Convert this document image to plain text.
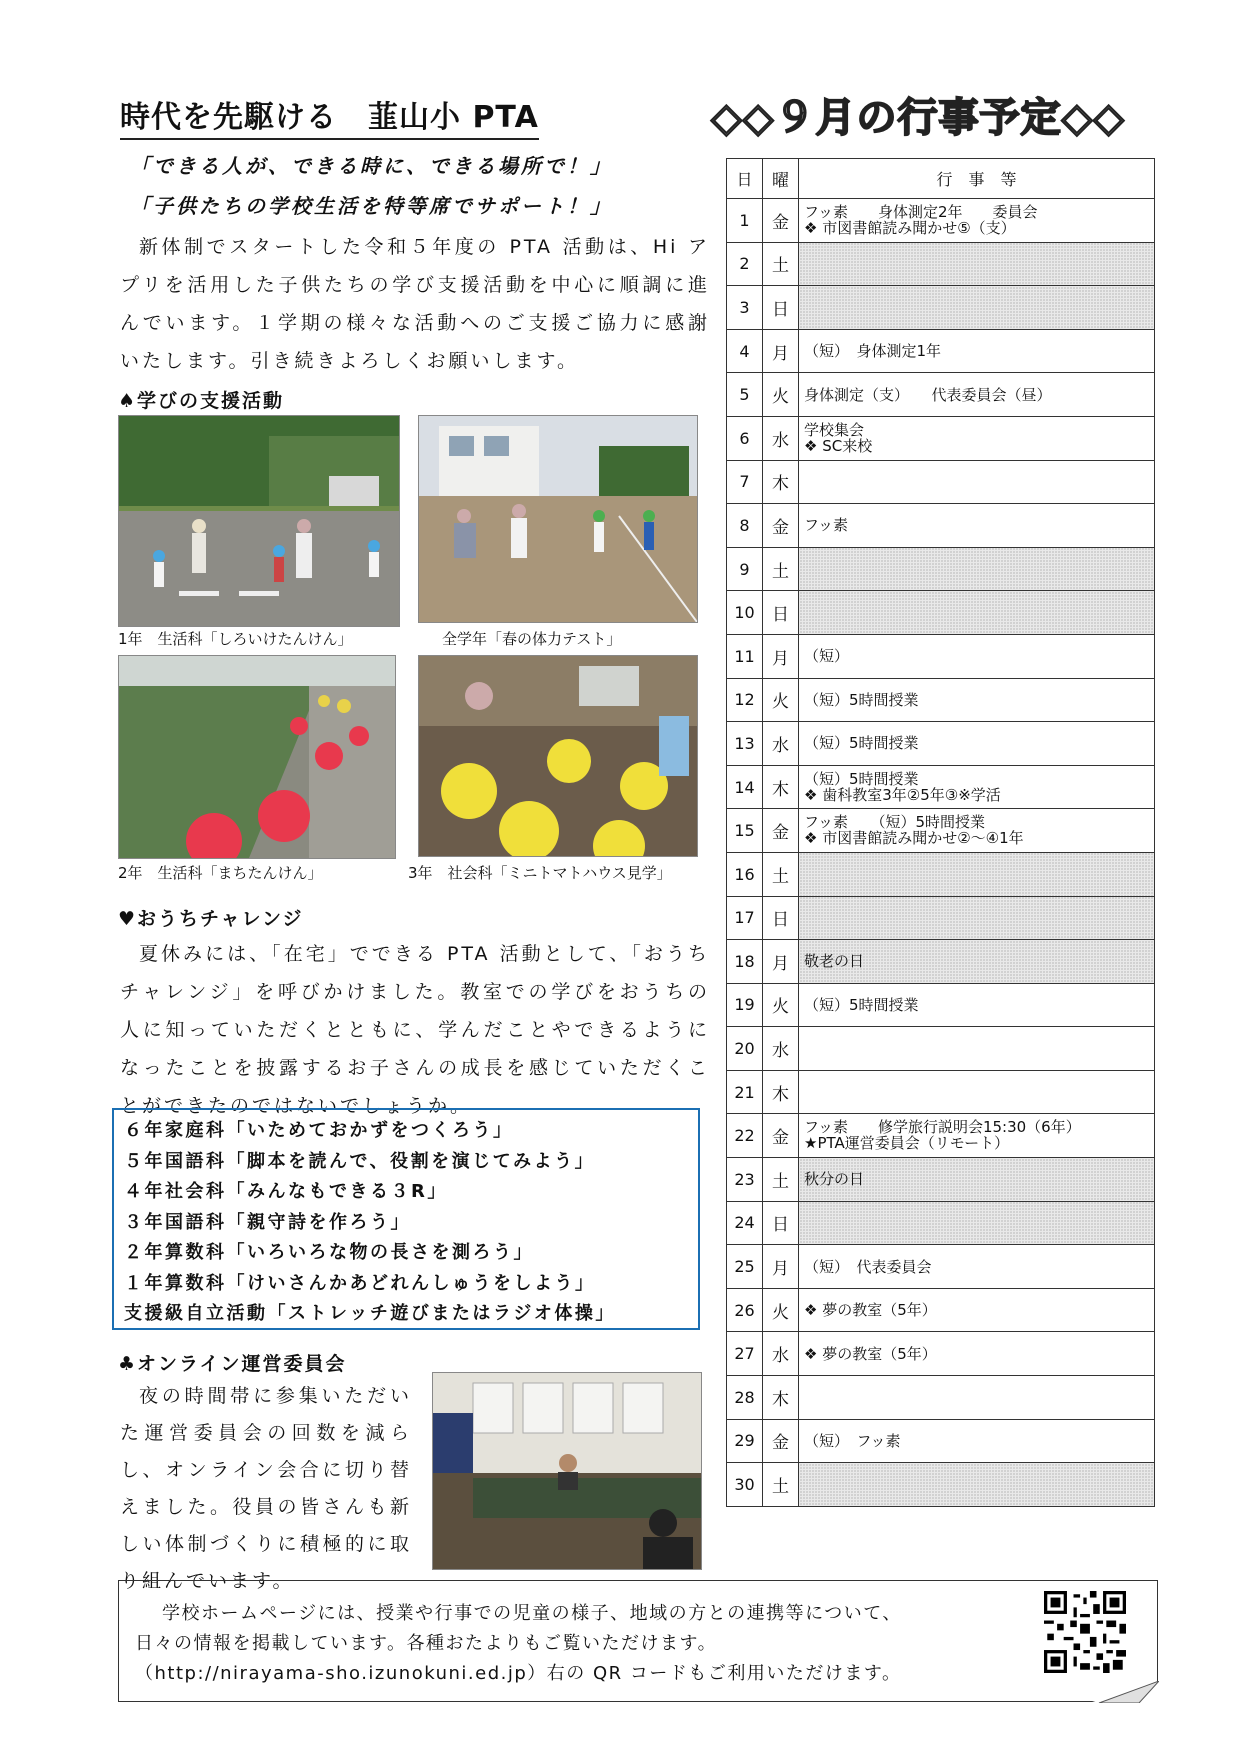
時代を先駆ける　韮山小 PTA
「できる人が、できる時に、できる場所で！」
「子供たちの学校生活を特等席でサポート！」
新体制でスタートした令和５年度の PTA 活動は、Hi アプリを活用した子供たちの学び支援活動を中心に順調に進んでいます。１学期の様々な活動へのご支援ご協力に感謝いたします。引き続きよろしくお願いします。
♠学びの支援活動
1年　生活科「しろいけたんけん」	全学年「春の体力テスト」
2年　生活科「まちたんけん」	3年　社会科「ミニトマトハウス見学」
♥おうちチャレンジ
夏休みには、「在宅」でできる PTA 活動として、「おうちチャレンジ」を呼びかけました。教室での学びをおうちの人に知っていただくとともに、学んだことやできるようになったことを披露するお子さんの成長を感じていただくことができたのではないでしょうか。
６年家庭科「いためておかずをつくろう」
５年国語科「脚本を読んで、役割を演じてみよう」
４年社会科「みんなもできる３R」
３年国語科「親守詩を作ろう」
２年算数科「いろいろな物の長さを測ろう」
１年算数科「けいさんかあどれんしゅうをしよう」
支援級自立活動「ストレッチ遊びまたはラジオ体操」
♣オンライン運営委員会
夜の時間帯に参集いただいた運営委員会の回数を減らし、オンライン会合に切り替えました。役員の皆さんも新しい体制づくりに積極的に取り組んでいます。
◇◇９月の行事予定◇◇
日	曜	行　事　等
1	金	フッ素　　身体測定2年　　委員会
❖ 市図書館読み聞かせ⑤（支）

2	土	
3	日	
4	月	（短）　身体測定1年

5	火	身体測定（支）　　代表委員会（昼）

6	水	学校集会
❖ SC来校

7	木	
8	金	フッ素

9	土	
10	日	
11	月	（短）

12	火	（短）5時間授業

13	水	（短）5時間授業

14	木	（短）5時間授業
❖ 歯科教室3年②5年③※学活

15	金	フッ素　　（短）5時間授業
❖ 市図書館読み聞かせ②～④1年

16	土	
17	日	
18	月	敬老の日

19	火	（短）5時間授業

20	水	
21	木	
22	金	フッ素　　修学旅行説明会15:30（6年）
★PTA運営委員会（リモート）

23	土	秋分の日

24	日	
25	月	（短）　代表委員会

26	火	❖ 夢の教室（5年）

27	水	❖ 夢の教室（5年）

28	木	
29	金	（短）　フッ素

30	土	
学校ホームページには、授業や行事での児童の様子、地域の方との連携等について、
日々の情報を掲載しています。各種おたよりもご覧いただけます。
（http://nirayama-sho.izunokuni.ed.jp）右の QR コードもご利用いただけます。
